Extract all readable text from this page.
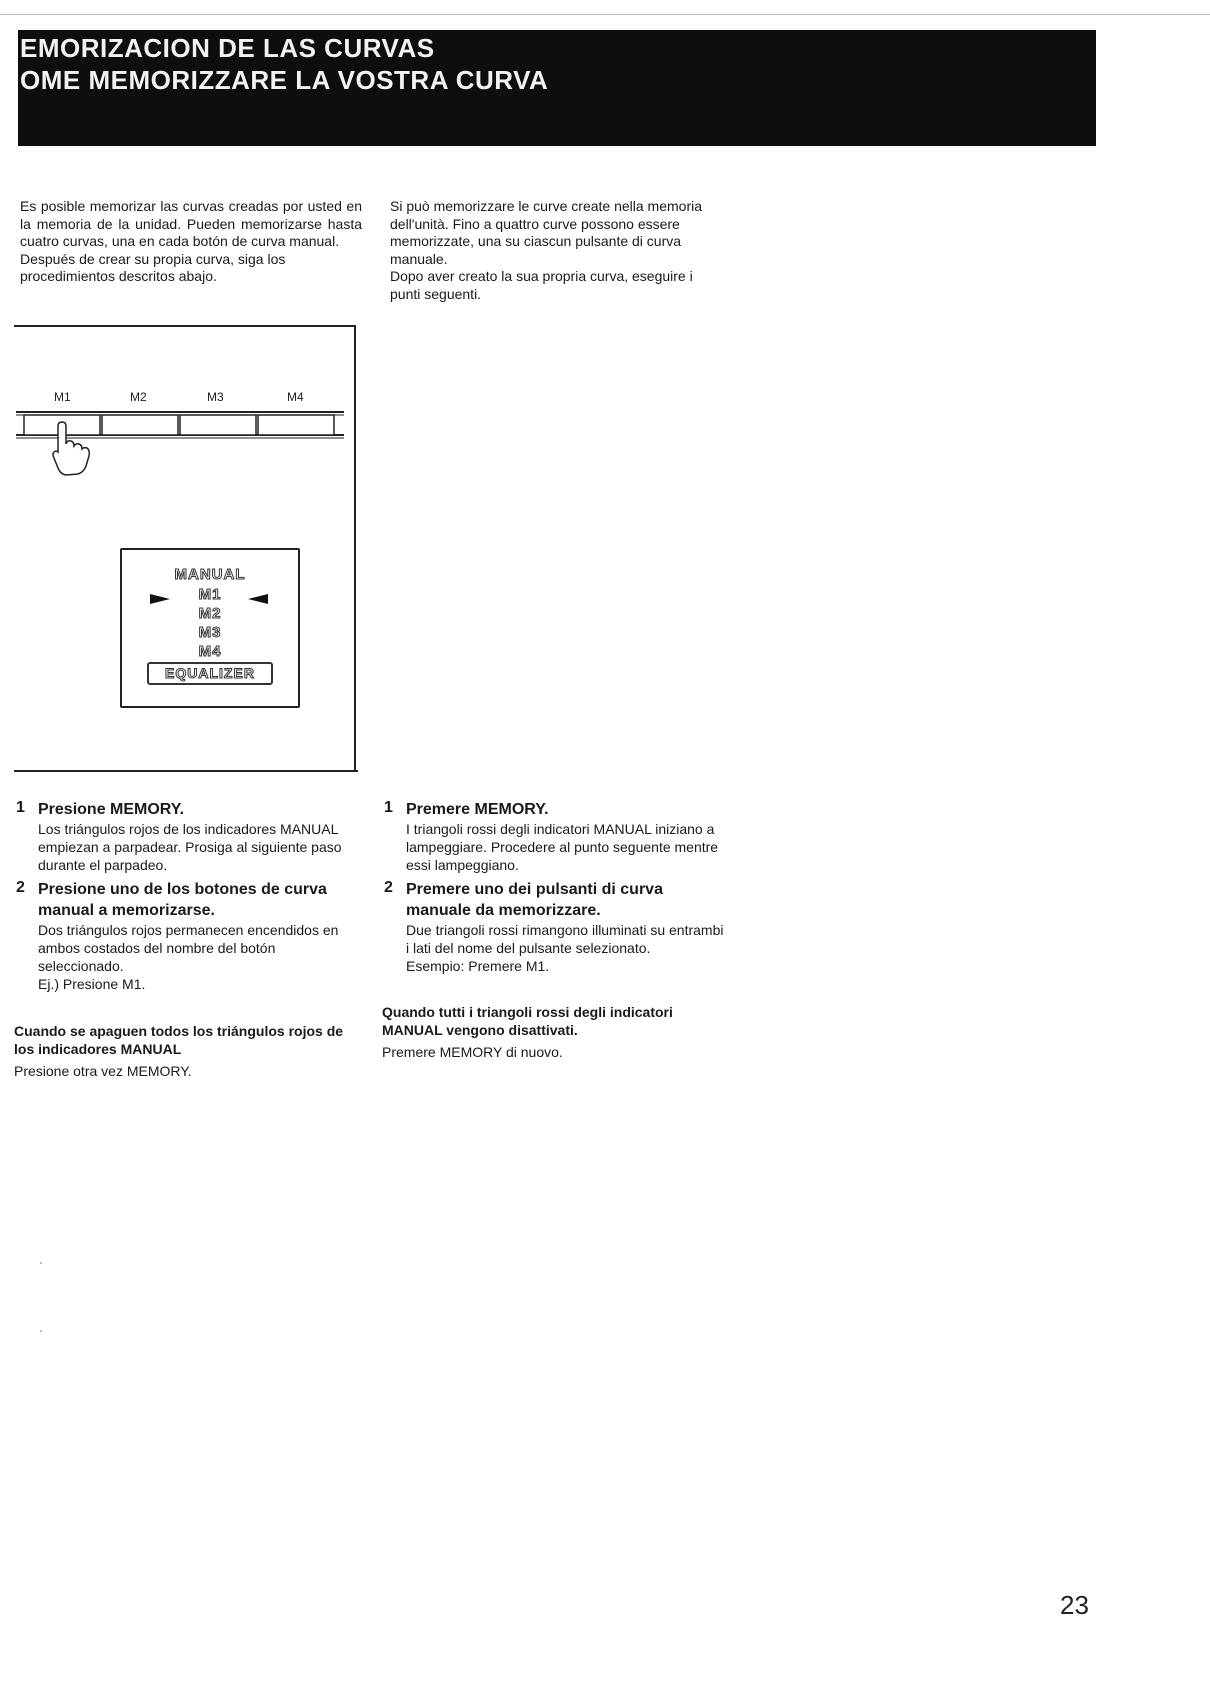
EMORIZACION DE LAS CURVAS
OME MEMORIZZARE LA VOSTRA CURVA

Es posible memorizar las curvas creadas por usted en la memoria de la unidad. Pueden memorizarse hasta cuatro curvas, una en cada botón de curva manual.

Después de crear su propia curva, siga los procedimientos descritos abajo.

Si può memorizzare le curve create nella memoria dell'unità. Fino a quattro curve possono essere memorizzate, una su ciascun pulsante di curva manuale.

Dopo aver creato la sua propria curva, eseguire i punti seguenti.

M1	M2	M3	M4
MANUAL
M1
M2
M3
M4
EQUALIZER
1 Presione MEMORY.
Los triángulos rojos de los indicadores MANUAL empiezan a parpadear. Prosiga al siguiente paso durante el parpadeo.
2 Presione uno de los botones de curva manual a memorizarse.
Dos triángulos rojos permanecen encendidos en ambos costados del nombre del botón seleccionado.
Ej.) Presione M1.
Cuando se apaguen todos los triángulos rojos de los indicadores MANUAL
Presione otra vez MEMORY.
1 Premere MEMORY.
I triangoli rossi degli indicatori MANUAL iniziano a lampeggiare. Procedere al punto seguente mentre essi lampeggiano.
2 Premere uno dei pulsanti di curva manuale da memorizzare.
Due triangoli rossi rimangono illuminati su entrambi i lati del nome del pulsante selezionato.
Esempio: Premere M1.
Quando tutti i triangoli rossi degli indicatori MANUAL vengono disattivati.
Premere MEMORY di nuovo.
23
